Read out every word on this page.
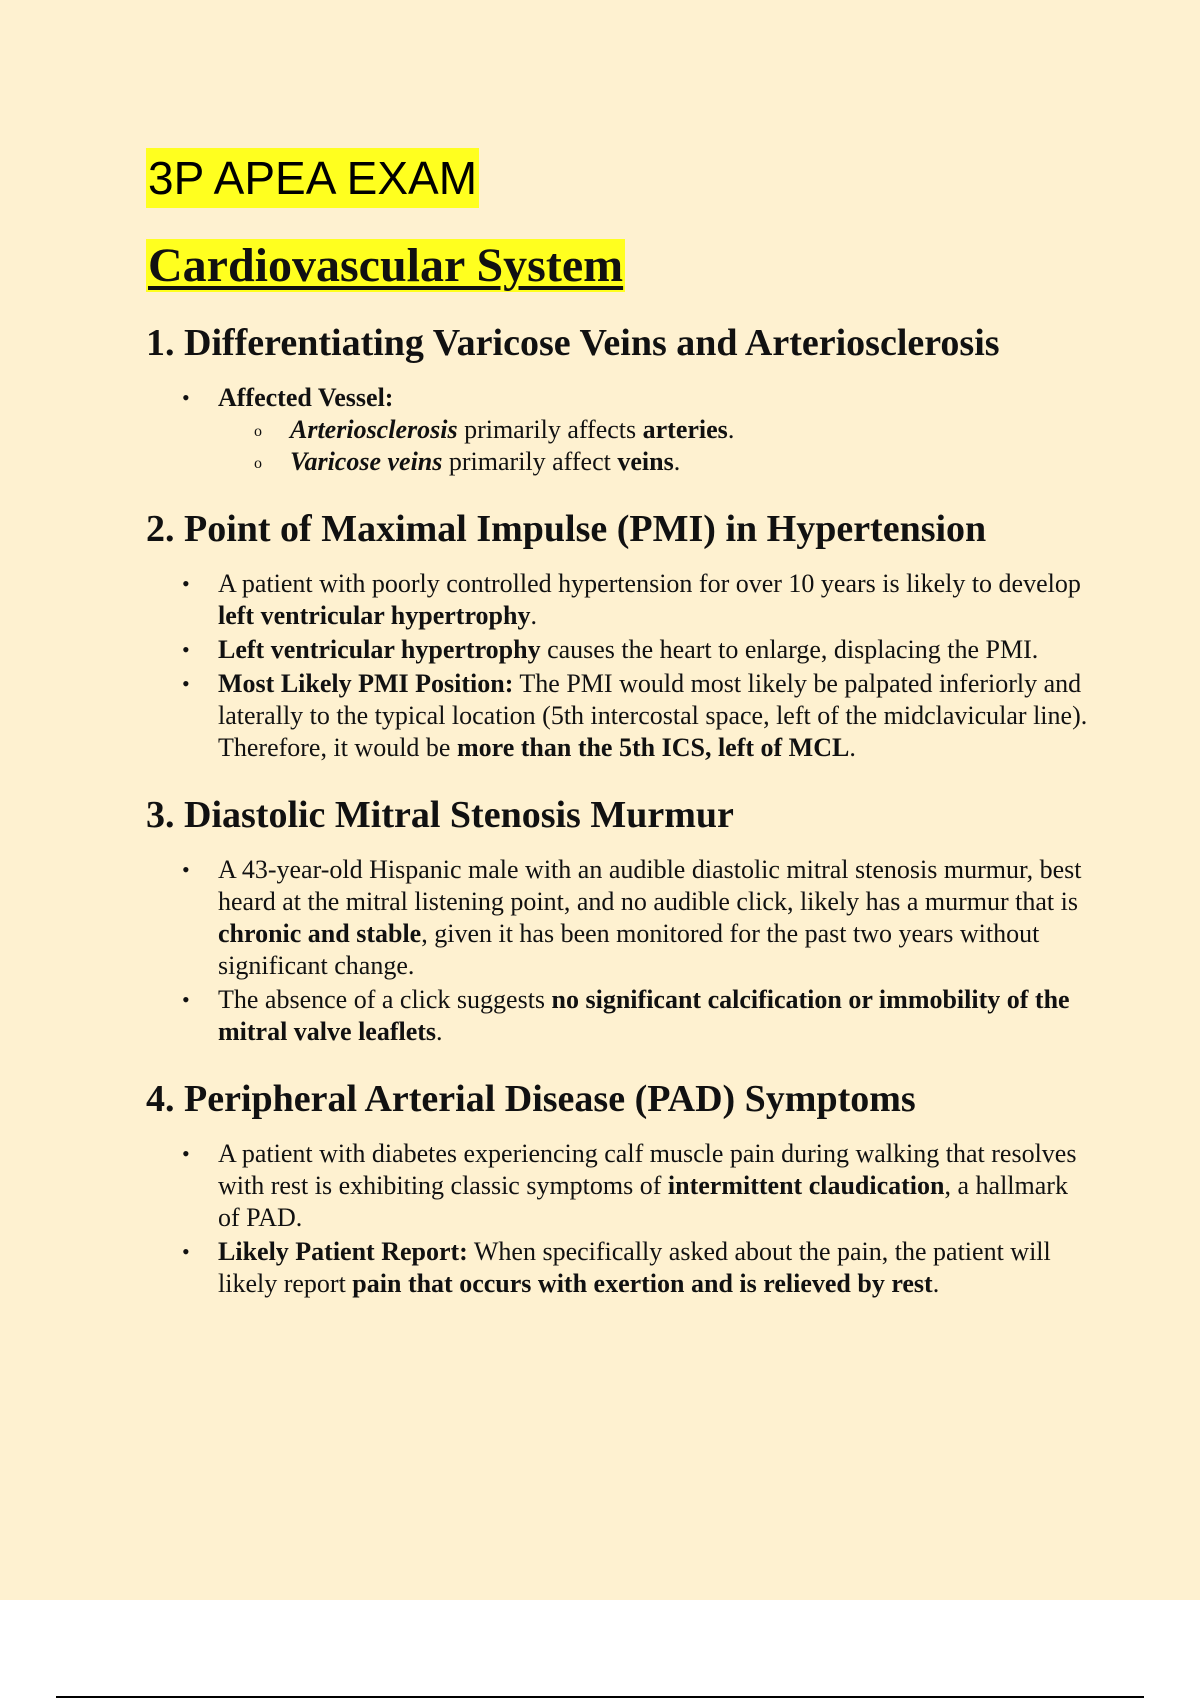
3P APEA EXAM
Cardiovascular System
1. Differentiating Varicose Veins and Arteriosclerosis
• Affected Vessel:
o Arteriosclerosis primarily affects arteries.
o Varicose veins primarily affect veins.
2. Point of Maximal Impulse (PMI) in Hypertension
• A patient with poorly controlled hypertension for over 10 years is likely to develop left ventricular hypertrophy.
• Left ventricular hypertrophy causes the heart to enlarge, displacing the PMI.
• Most Likely PMI Position: The PMI would most likely be palpated inferiorly and laterally to the typical location (5th intercostal space, left of the midclavicular line). Therefore, it would be more than the 5th ICS, left of MCL.
3. Diastolic Mitral Stenosis Murmur
• A 43-year-old Hispanic male with an audible diastolic mitral stenosis murmur, best heard at the mitral listening point, and no audible click, likely has a murmur that is chronic and stable, given it has been monitored for the past two years without significant change.
• The absence of a click suggests no significant calcification or immobility of the mitral valve leaflets.
4. Peripheral Arterial Disease (PAD) Symptoms
• A patient with diabetes experiencing calf muscle pain during walking that resolves with rest is exhibiting classic symptoms of intermittent claudication, a hallmark of PAD.
• Likely Patient Report: When specifically asked about the pain, the patient will likely report pain that occurs with exertion and is relieved by rest.
